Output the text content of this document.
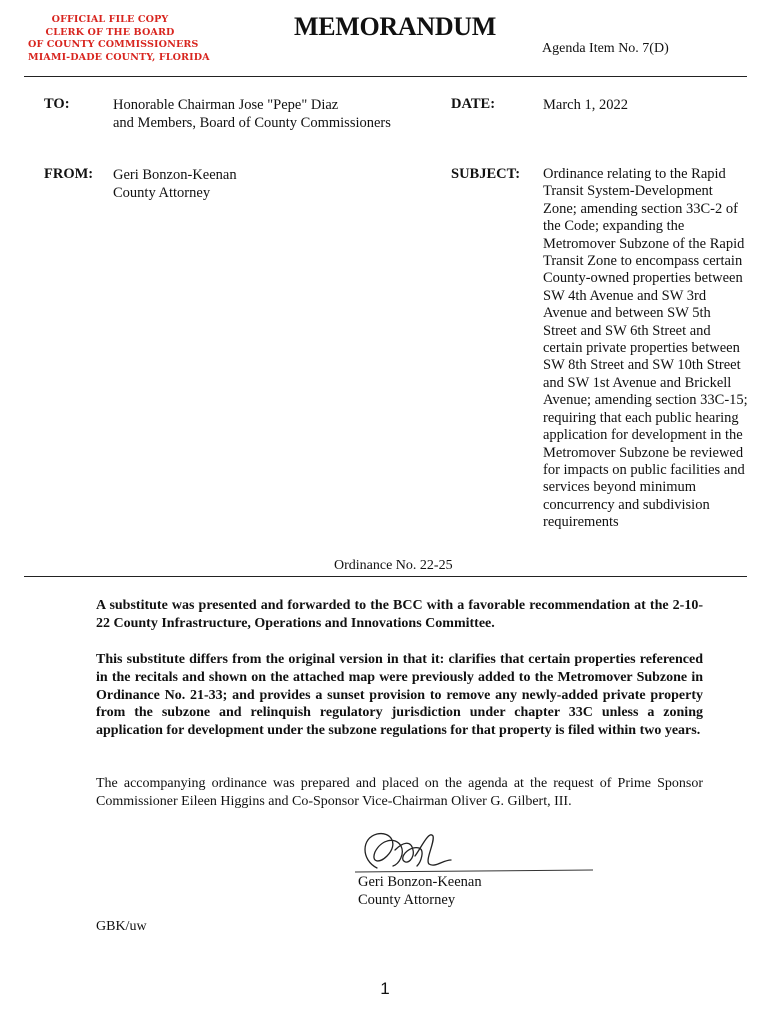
OFFICIAL FILE COPY
CLERK OF THE BOARD
OF COUNTY COMMISSIONERS
MIAMI-DADE COUNTY, FLORIDA
MEMORANDUM
Agenda Item No. 7(D)
TO:	Honorable Chairman Jose "Pepe" Diaz
and Members, Board of County Commissioners
DATE:	March 1, 2022
FROM: Geri Bonzon-Keenan
County Attorney
SUBJECT: Ordinance relating to the Rapid Transit System-Development Zone; amending section 33C-2 of the Code; expanding the Metromover Subzone of the Rapid Transit Zone to encompass certain County-owned properties between SW 4th Avenue and SW 3rd Avenue and between SW 5th Street and SW 6th Street and certain private properties between SW 8th Street and SW 10th Street and SW 1st Avenue and Brickell Avenue; amending section 33C-15; requiring that each public hearing application for development in the Metromover Subzone be reviewed for impacts on public facilities and services beyond minimum concurrency and subdivision requirements
Ordinance No. 22-25
A substitute was presented and forwarded to the BCC with a favorable recommendation at the 2-10-22 County Infrastructure, Operations and Innovations Committee.
This substitute differs from the original version in that it: clarifies that certain properties referenced in the recitals and shown on the attached map were previously added to the Metromover Subzone in Ordinance No. 21-33; and provides a sunset provision to remove any newly-added private property from the subzone and relinquish regulatory jurisdiction under chapter 33C unless a zoning application for development under the subzone regulations for that property is filed within two years.
The accompanying ordinance was prepared and placed on the agenda at the request of Prime Sponsor Commissioner Eileen Higgins and Co-Sponsor Vice-Chairman Oliver G. Gilbert, III.
Geri Bonzon-Keenan
County Attorney
GBK/uw
1
